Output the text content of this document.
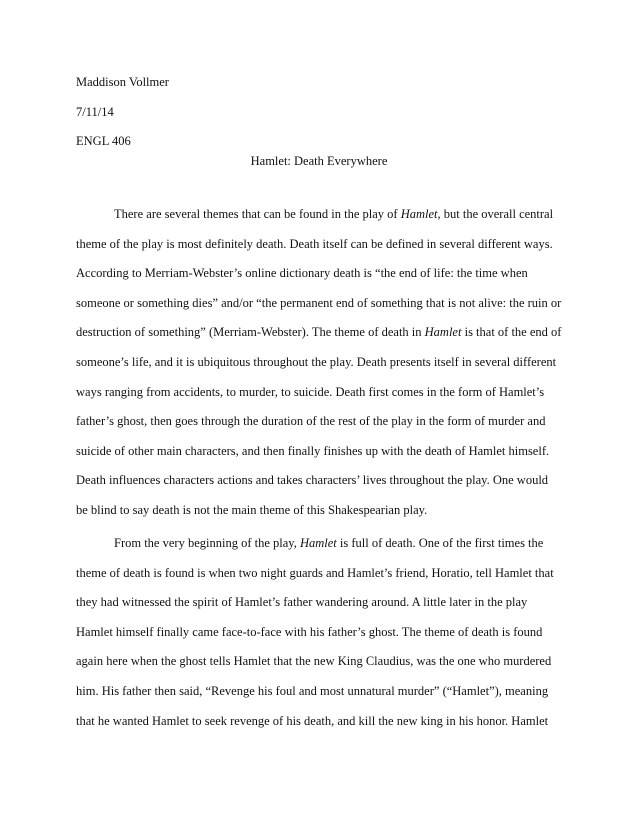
Maddison Vollmer
7/11/14
ENGL 406
Hamlet: Death Everywhere
There are several themes that can be found in the play of Hamlet, but the overall central
theme of the play is most definitely death. Death itself can be defined in several different ways.
According to Merriam-Webster’s online dictionary death is “the end of life: the time when
someone or something dies” and/or “the permanent end of something that is not alive: the ruin or
destruction of something” (Merriam-Webster). The theme of death in Hamlet is that of the end of
someone’s life, and it is ubiquitous throughout the play. Death presents itself in several different
ways ranging from accidents, to murder, to suicide. Death first comes in the form of Hamlet’s
father’s ghost, then goes through the duration of the rest of the play in the form of murder and
suicide of other main characters, and then finally finishes up with the death of Hamlet himself.
Death influences characters actions and takes characters’ lives throughout the play. One would
be blind to say death is not the main theme of this Shakespearian play.
From the very beginning of the play, Hamlet is full of death. One of the first times the
theme of death is found is when two night guards and Hamlet’s friend, Horatio, tell Hamlet that
they had witnessed the spirit of Hamlet’s father wandering around. A little later in the play
Hamlet himself finally came face-to-face with his father’s ghost. The theme of death is found
again here when the ghost tells Hamlet that the new King Claudius, was the one who murdered
him. His father then said, “Revenge his foul and most unnatural murder” (“Hamlet”), meaning
that he wanted Hamlet to seek revenge of his death, and kill the new king in his honor. Hamlet
